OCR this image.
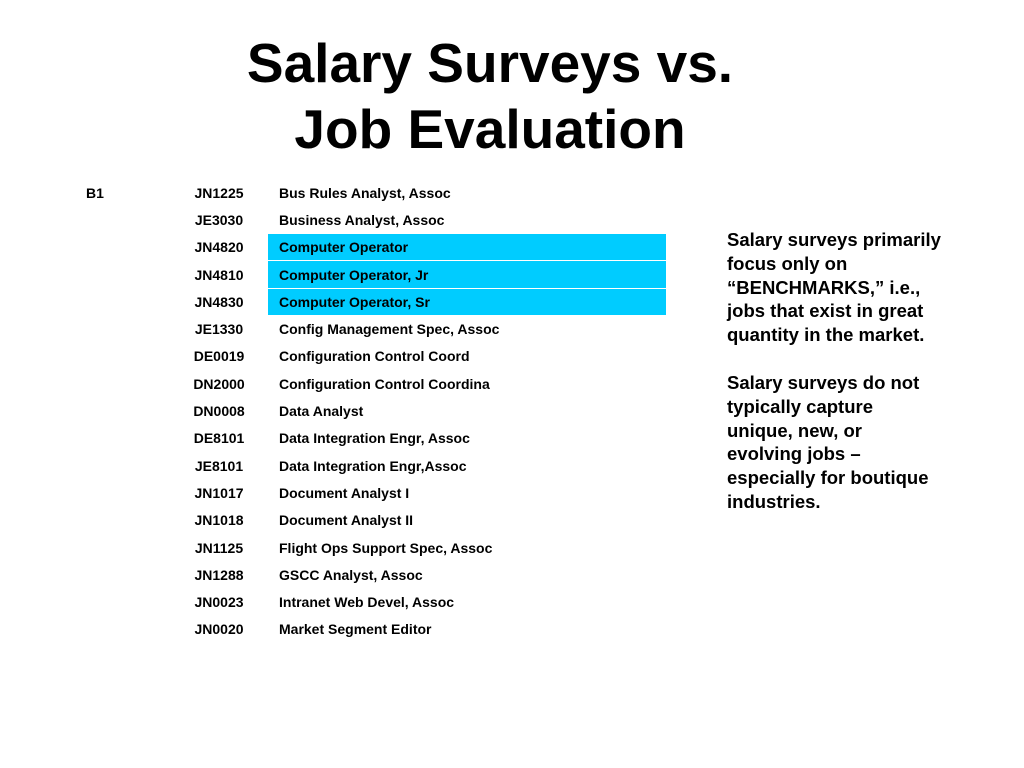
Salary Surveys vs.
Job Evaluation
B1	JN1225	Bus Rules Analyst, Assoc
	JE3030	Business Analyst, Assoc
	JN4820	Computer Operator
	JN4810	Computer Operator, Jr
	JN4830	Computer Operator, Sr
	JE1330	Config Management Spec, Assoc
	DE0019	Configuration Control Coord
	DN2000	Configuration Control Coordina
	DN0008	Data Analyst
	DE8101	Data Integration Engr, Assoc
	JE8101	Data Integration Engr,Assoc
	JN1017	Document Analyst I
	JN1018	Document Analyst II
	JN1125	Flight Ops Support Spec, Assoc
	JN1288	GSCC Analyst, Assoc
	JN0023	Intranet Web Devel, Assoc
	JN0020	Market Segment Editor

Salary surveys primarily focus only on “BENCHMARKS,” i.e., jobs that exist in great quantity in the market.

Salary surveys do not typically capture unique, new, or evolving jobs – especially for boutique industries.
